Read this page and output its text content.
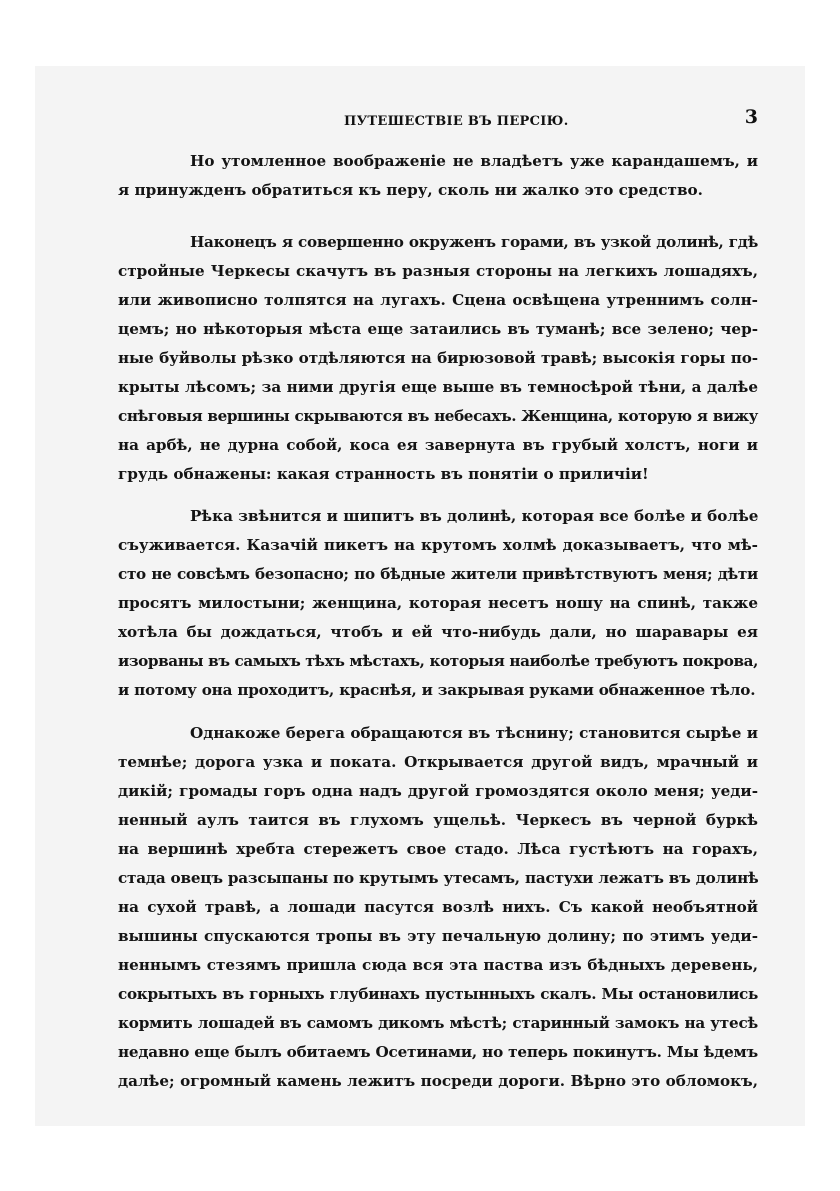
ПУТЕШЕСТВІЕ ВЪ ПЕРСІЮ.	3
Но утомленное воображеніе не владѣетъ уже карандашемъ, и
я принужденъ обратиться къ перу, сколь ни жалко это средство.
Наконецъ я совершенно окруженъ горами, въ узкой долинѣ, гдѣ
стройные Черкесы скачутъ въ разныя стороны на легкихъ лошадяхъ,
или живописно толпятся на лугахъ. Сцена освѣщена утреннимъ солн-
цемъ; но нѣкоторыя мѣста еще затаились въ туманѣ; все зелено; чер-
ные буйволы рѣзко отдѣляются на бирюзовой травѣ; высокія горы по-
крыты лѣсомъ; за ними другія еще выше въ темносѣрой тѣни, а далѣе
снѣговыя вершины скрываются въ небесахъ. Женщина, которую я вижу
на арбѣ, не дурна собой, коса ея завернута въ грубый холстъ, ноги и
грудь обнажены: какая странность въ понятіи о приличіи!
Рѣка звѣнится и шипитъ въ долинѣ, которая все болѣе и болѣе
съуживается. Казачій пикетъ на крутомъ холмѣ доказываетъ, что мѣ-
сто не совсѣмъ безопасно; по бѣдные жители привѣтствуютъ меня; дѣти
просятъ милостыни; женщина, которая несетъ ношу на спинѣ, также
хотѣла бы дождаться, чтобъ и ей что-нибудь дали, но шаравары ея
изорваны въ самыхъ тѣхъ мѣстахъ, которыя наиболѣе требуютъ покрова,
и потому она проходитъ, краснѣя, и закрывая руками обнаженное тѣло.
Однакоже берега обращаются въ тѣснину; становится сырѣе и
темнѣе; дорога узка и поката. Открывается другой видъ, мрачный и
дикій; громады горъ одна надъ другой громоздятся около меня; уеди-
ненный аулъ таится въ глухомъ ущельѣ. Черкесъ въ черной буркѣ
на вершинѣ хребта стережетъ свое стадо. Лѣса густѣютъ на горахъ,
стада овецъ разсыпаны по крутымъ утесамъ, пастухи лежатъ въ долинѣ
на сухой травѣ, а лошади пасутся возлѣ нихъ. Съ какой необъятной
вышины спускаются тропы въ эту печальную долину; по этимъ уеди-
неннымъ стезямъ пришла сюда вся эта паства изъ бѣдныхъ деревень,
сокрытыхъ въ горныхъ глубинахъ пустынныхъ скалъ. Мы остановились
кормить лошадей въ самомъ дикомъ мѣстѣ; старинный замокъ на утесѣ
недавно еще былъ обитаемъ Осетинами, но теперь покинутъ. Мы ѣдемъ
далѣе; огромный камень лежитъ посреди дороги. Вѣрно это обломокъ,
